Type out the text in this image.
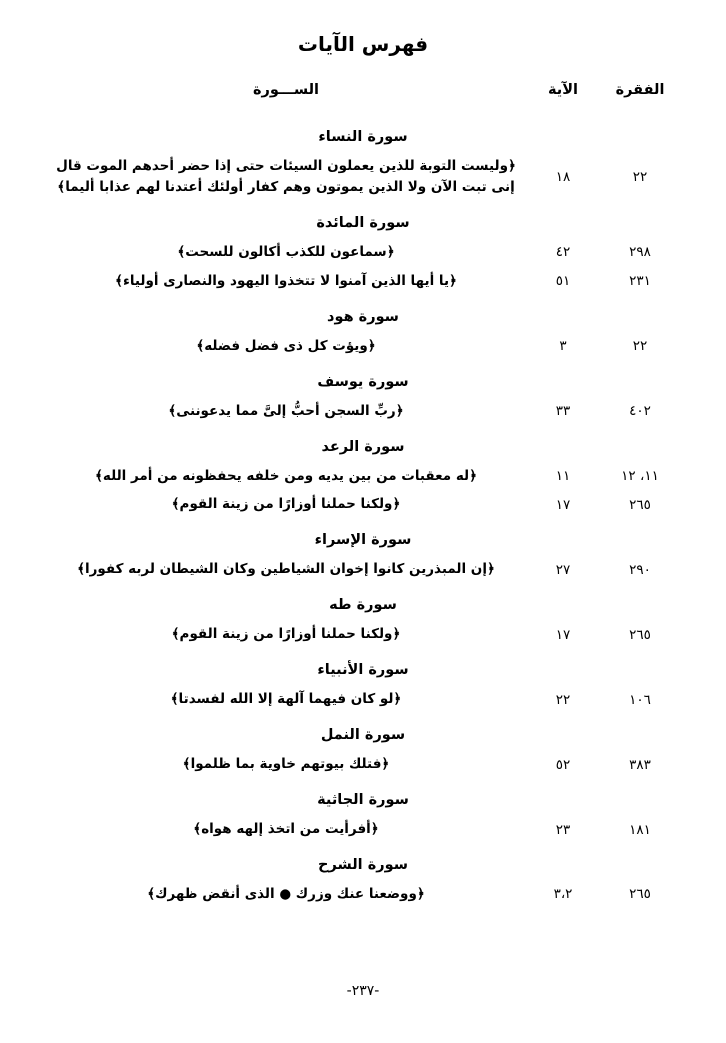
فهرس الآيات
الفقرة	الآية	الســـورة
سورة النساء		
٢٢	١٨	﴿وليست التوبة للذين يعملون السيئات حتى إذا حضر أحدهم الموت قال
إنى تبت الآن ولا الذين يموتون وهم كفار أولئك أعتدنا لهم عذابا أليما﴾

سورة المائدة		
٢٩٨	٤٢	﴿سماعون للكذب أكالون للسحت﴾
٢٣١	٥١	﴿يا أيها الذين آمنوا لا تتخذوا اليهود والنصارى أولياء﴾
سورة هود		
٢٢	٣	﴿ويؤت كل ذى فضل فضله﴾
سورة يوسف		
٤٠٢	٣٣	﴿ربِّ السجن أحبُّ إلىَّ مما يدعوننى﴾
سورة الرعد		
١١، ١٢	١١	﴿له معقبات من بين يديه ومن خلفه يحفظونه من أمر الله﴾
٢٦٥	١٧	﴿ولكنا حملنا أوزارًا من زينة القوم﴾
سورة الإسراء		
٢٩٠	٢٧	﴿إن المبذرين كانوا إخوان الشياطين وكان الشيطان لربه كفورا﴾
سورة طه		
٢٦٥	١٧	﴿ولكنا حملنا أوزارًا من زينة القوم﴾
سورة الأنبياء		
١٠٦	٢٢	﴿لو كان فيهما آلهة إلا الله لفسدتا﴾
سورة النمل		
٣٨٣	٥٢	﴿فتلك بيوتهم خاوية بما ظلموا﴾
سورة الجاثية		
١٨١	٢٣	﴿أفرأيت من اتخذ إلهه هواه﴾
سورة الشرح		
٢٦٥	٣،٢	﴿ووضعنا عنك وزرك ● الذى أنقض ظهرك﴾
-٢٣٧-
